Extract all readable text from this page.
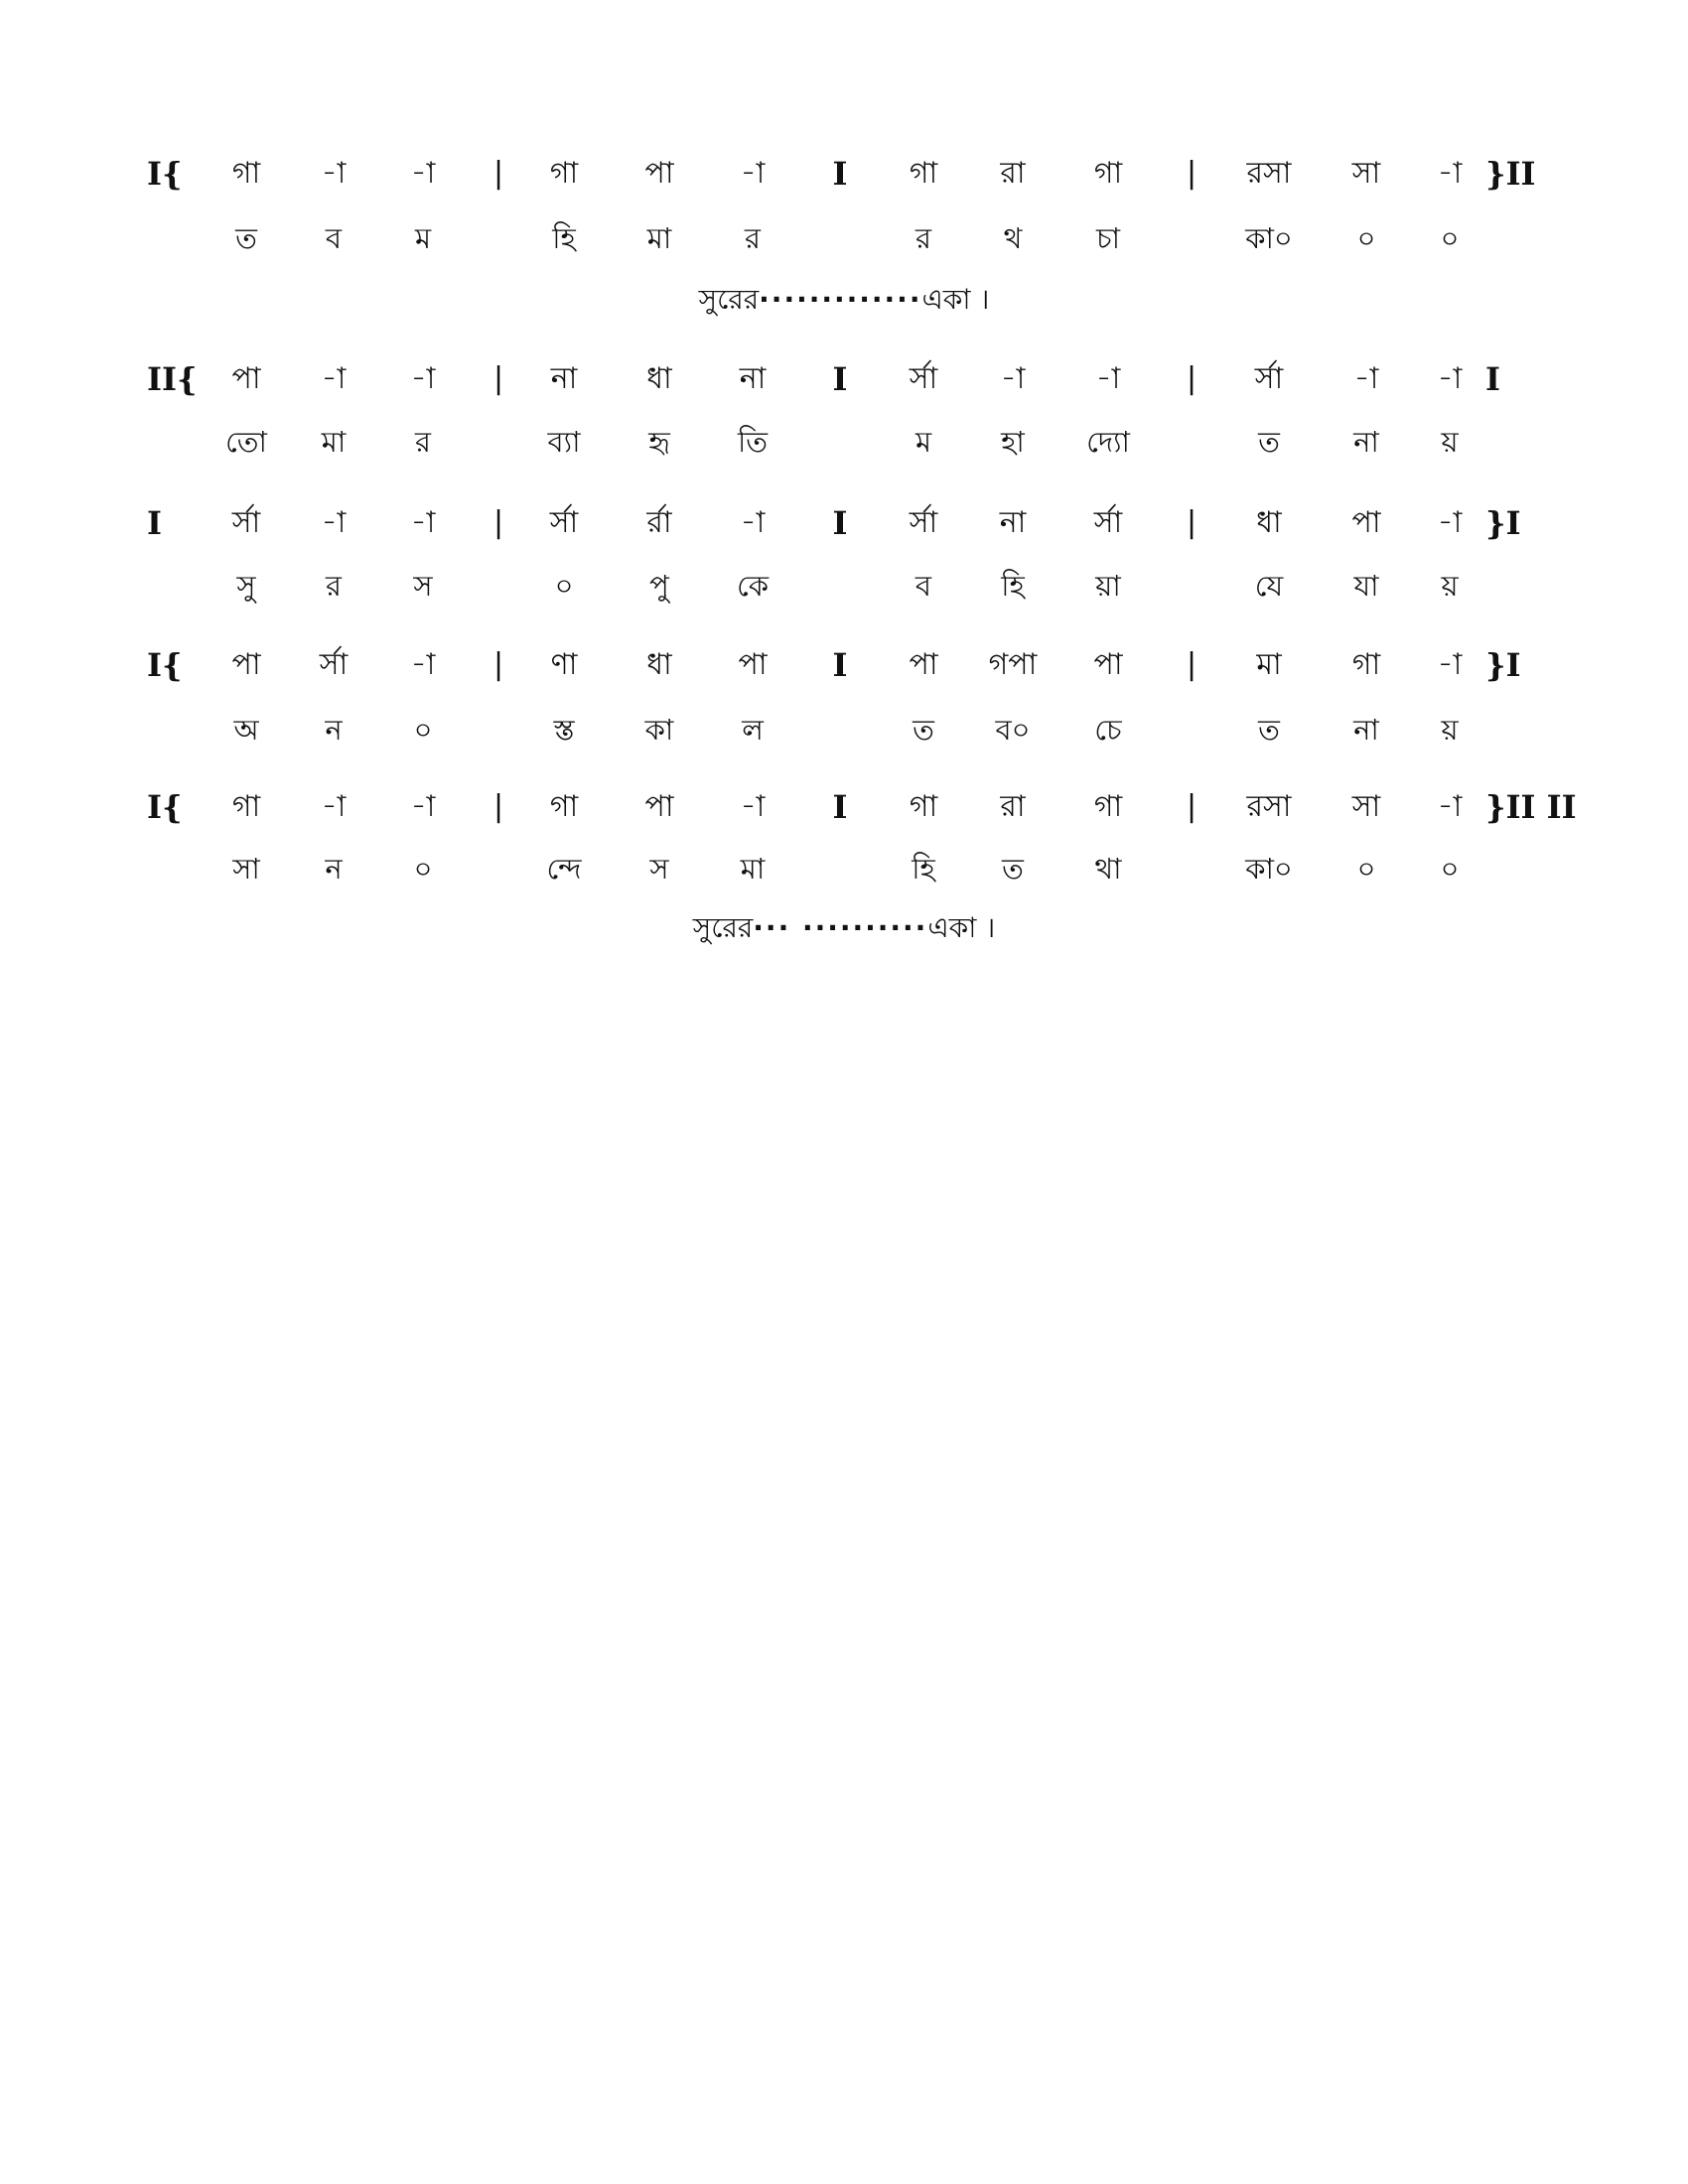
I{	গা	-া	-া	|	গা	পা	-া	I	গা	রা	গা	|	রসা	সা	-া }II
ত	ব	ম	হি	মা	র	র	থ	চা	কা০	০	০
সুরের·············একা ।
II{	পা	-া	-া	|	না	ধা	না	I	র্সা	-া	-া	|	র্সা	-া	-া I
তো	মা	র	ব্যা	হৃ	তি	ম	হা	দ্যো	ত	না	য়
I	র্সা	-া	-া	|	র্সা	র্রা	-া	I	র্সা	না	র্সা	|	ধা	পা	-া }I
সু	র	স	০	পু	কে	ব	হি	য়া	যে	যা	য়
I{	পা	র্সা	-া	|	ণা	ধা	পা	I	পা	গপা	পা	|	মা	গা	-া }I
অ	ন	০	স্ত	কা	ল	ত	ব০	চে	ত	না	য়
I{	গা	-া	-া	|	গা	পা	-া	I	গা	রা	গা	|	রসা	সা	-া }II II
সা	ন	০	ন্দে	স	মা	হি	ত	থা	কা০	০	০
সুরের··· ··········একা ।
